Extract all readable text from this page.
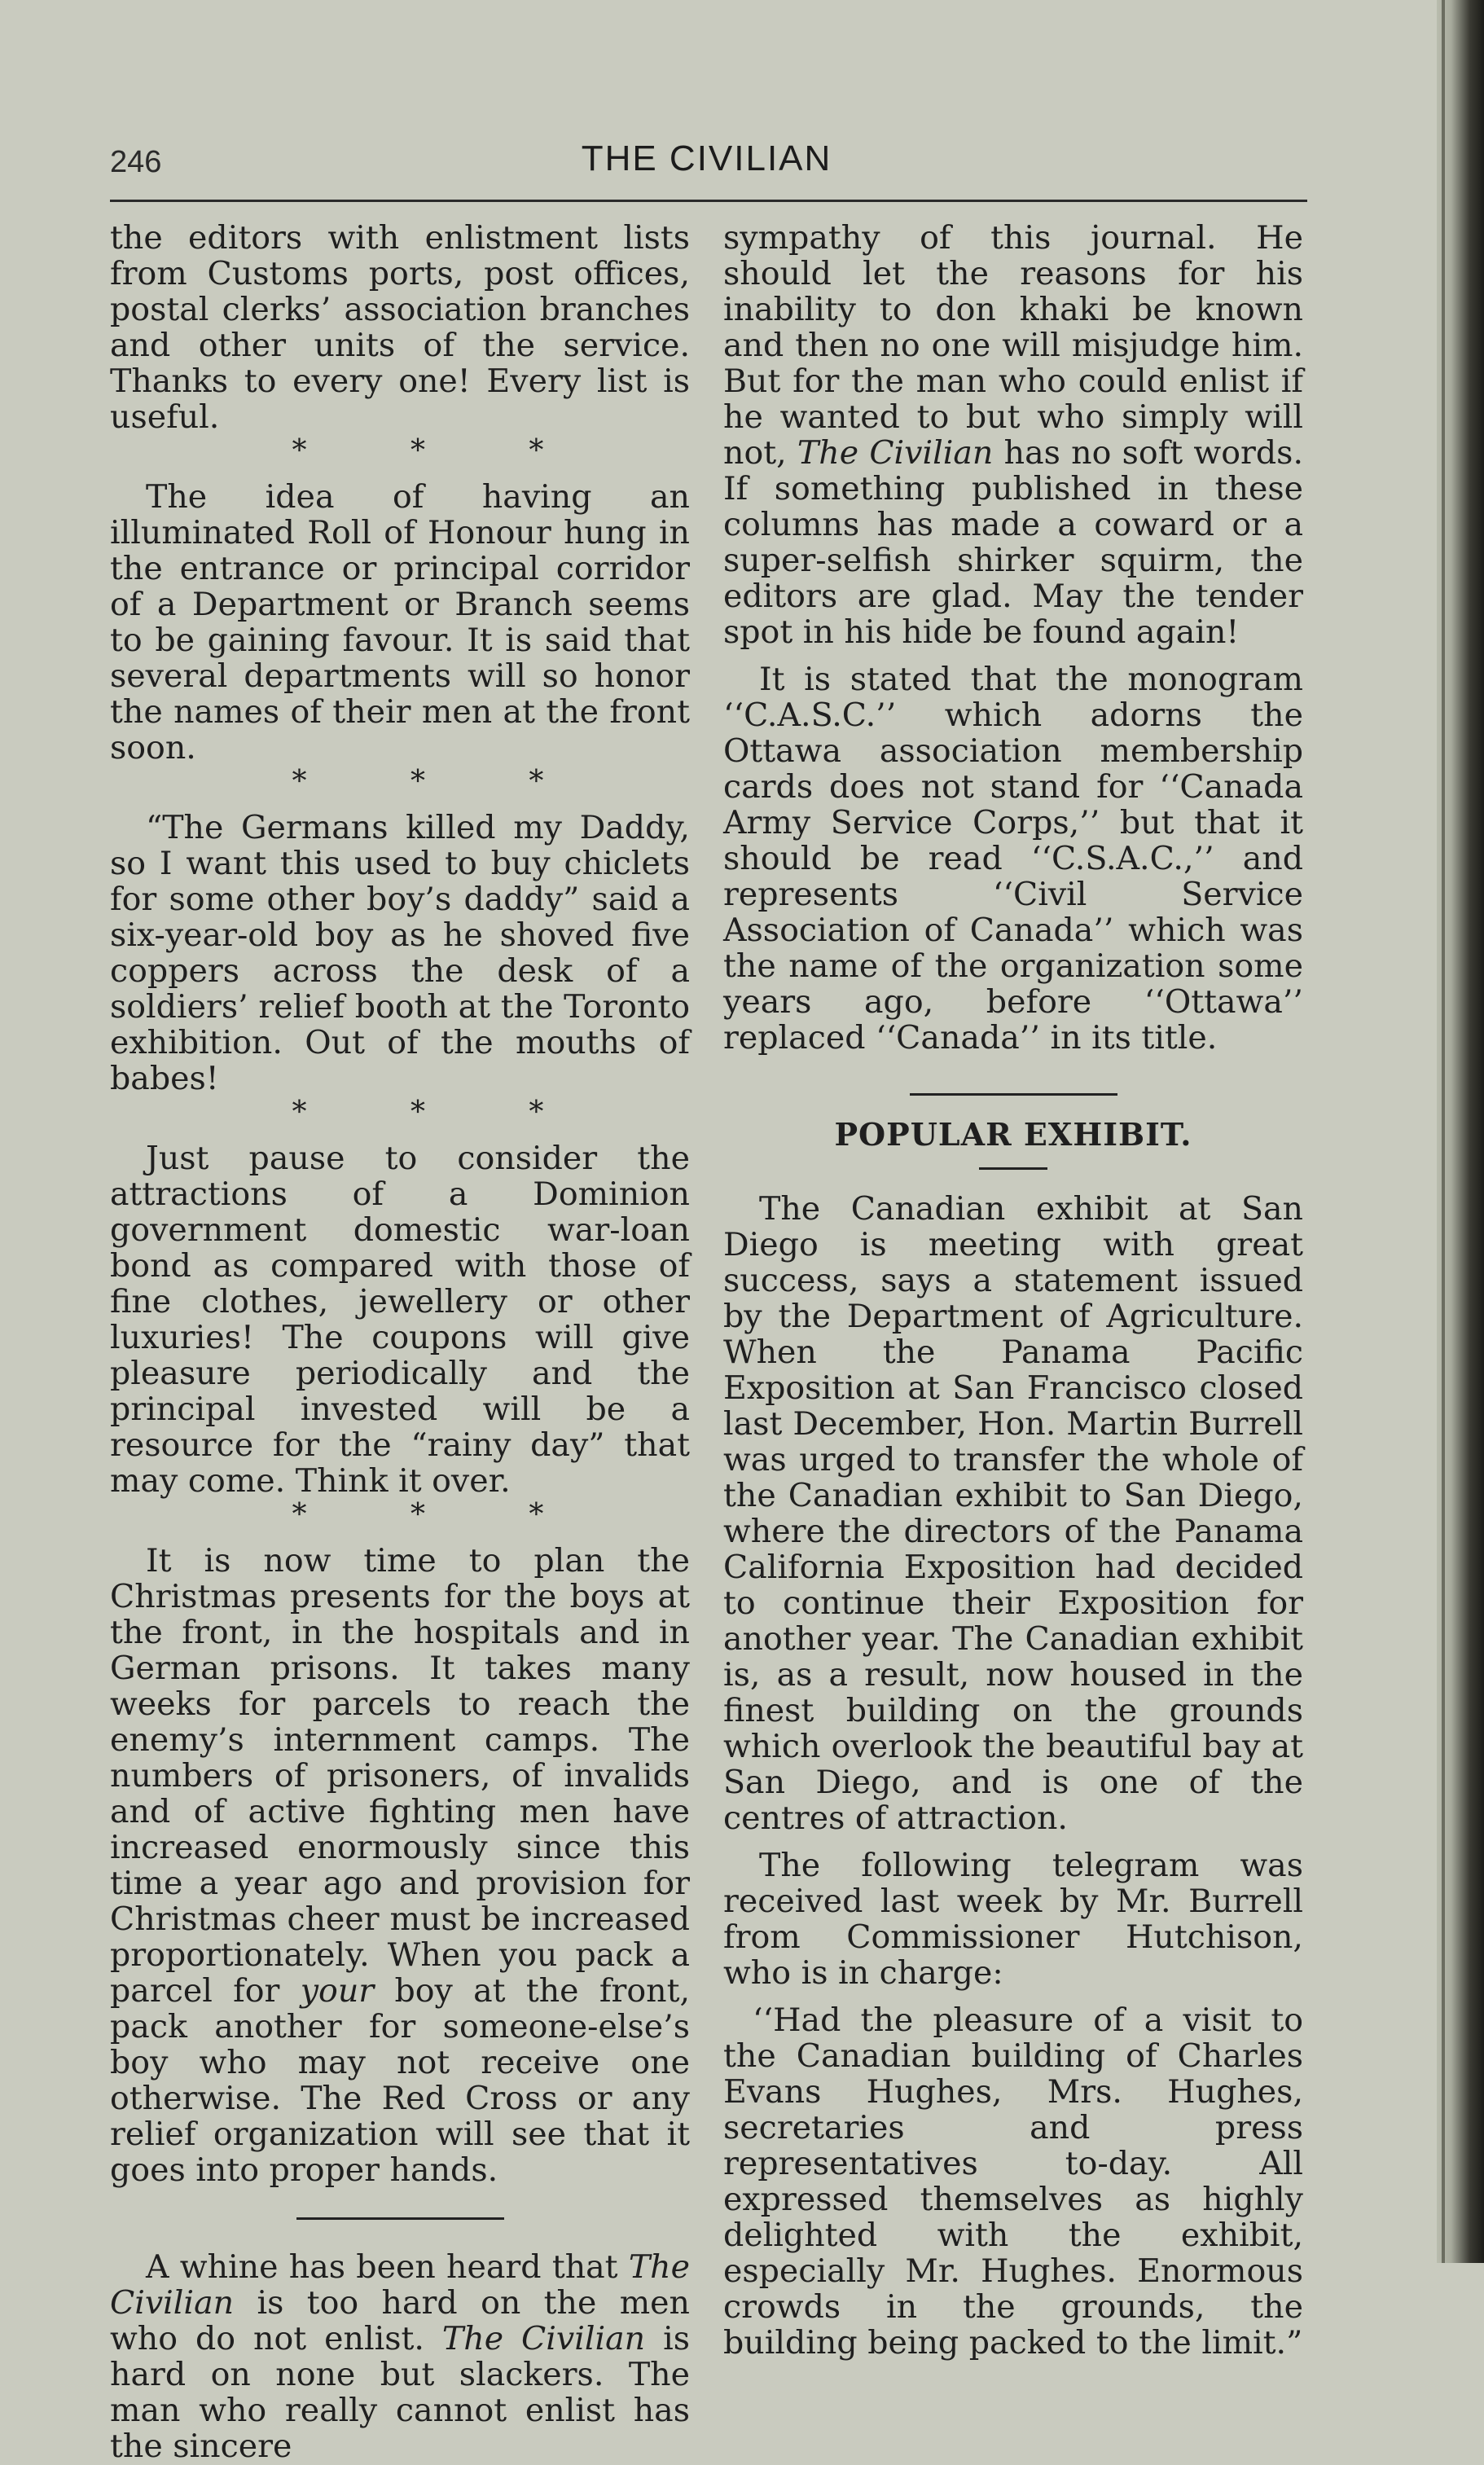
246	THE CIVILIAN

the editors with enlistment lists from Customs ports, post offices, postal clerks’ association branches and other units of the service. Thanks to every one! Every list is useful.

* * *

The idea of having an illuminated Roll of Honour hung in the entrance or principal corridor of a Department or Branch seems to be gaining favour. It is said that several departments will so honor the names of their men at the front soon.

* * *

“The Germans killed my Daddy, so I want this used to buy chiclets for some other boy’s daddy” said a six-year-old boy as he shoved five coppers across the desk of a soldiers’ relief booth at the Toronto exhibition. Out of the mouths of babes!

* * *

Just pause to consider the attractions of a Dominion government domestic war-loan bond as compared with those of fine clothes, jewellery or other luxuries! The coupons will give pleasure periodically and the principal invested will be a resource for the “rainy day” that may come. Think it over.

* * *

It is now time to plan the Christmas presents for the boys at the front, in the hospitals and in German prisons. It takes many weeks for parcels to reach the enemy’s internment camps. The numbers of prisoners, of invalids and of active fighting men have increased enormously since this time a year ago and provision for Christmas cheer must be increased proportionately. When you pack a parcel for your boy at the front, pack another for someone-else’s boy who may not receive one otherwise. The Red Cross or any relief organization will see that it goes into proper hands.

A whine has been heard that The Civilian is too hard on the men who do not enlist. The Civilian is hard on none but slackers. The man who really cannot enlist has the sincere

sympathy of this journal. He should let the reasons for his inability to don khaki be known and then no one will misjudge him. But for the man who could enlist if he wanted to but who simply will not, The Civilian has no soft words. If something published in these columns has made a coward or a super-selfish shirker squirm, the editors are glad. May the tender spot in his hide be found again!

It is stated that the monogram ‘‘C.A.S.C.’’ which adorns the Ottawa association membership cards does not stand for ‘‘Canada Army Service Corps,’’ but that it should be read ‘‘C.S.A.C.,’’ and represents ‘‘Civil Service Association of Canada’’ which was the name of the organization some years ago, before ‘‘Ottawa’’ replaced ‘‘Canada’’ in its title.

POPULAR EXHIBIT.

The Canadian exhibit at San Diego is meeting with great success, says a statement issued by the Department of Agriculture. When the Panama Pacific Exposition at San Francisco closed last December, Hon. Martin Burrell was urged to transfer the whole of the Canadian exhibit to San Diego, where the directors of the Panama California Exposition had decided to continue their Exposition for another year. The Canadian exhibit is, as a result, now housed in the finest building on the grounds which overlook the beautiful bay at San Diego, and is one of the centres of attraction.

The following telegram was received last week by Mr. Burrell from Commissioner Hutchison, who is in charge:

‘‘Had the pleasure of a visit to the Canadian building of Charles Evans Hughes, Mrs. Hughes, secretaries and press representatives to-day. All expressed themselves as highly delighted with the exhibit, especially Mr. Hughes. Enormous crowds in the grounds, the building being packed to the limit.”
